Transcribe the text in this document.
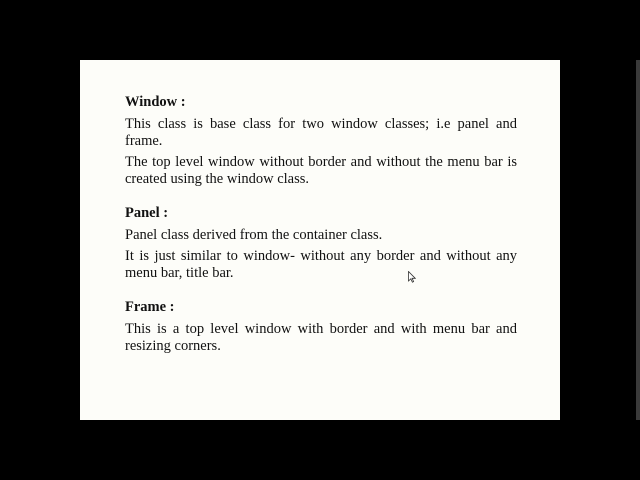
Window :

This class is base class for two window classes; i.e panel and frame.

The top level window without border and without the menu bar is created using the window class.

Panel :

Panel class derived from the container class.

It is just similar to window- without any border and without any menu bar, title bar.

Frame :

This is a top level window with border and with menu bar and resizing corners.
